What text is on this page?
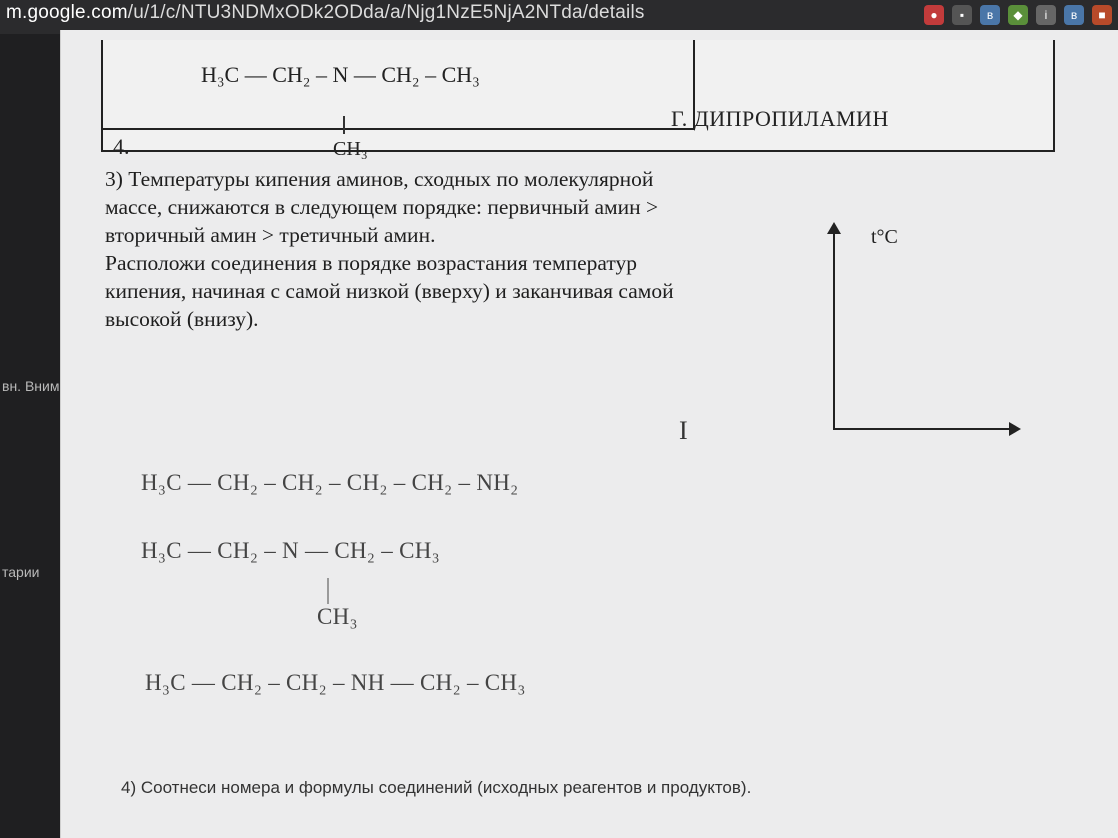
m.google.com/u/1/c/NTU3NDMxODk2ODda/a/Njg1NzE5NjA2NTda/details	●	▪	в	◆	i	в	■
вн. Вним
тарии
H₃C — CH₂ – N — CH₂ – CH₃
CH₃
4.
Г. ДИПРОПИЛАМИН
3) Температуры кипения аминов, сходных по молекулярной
массе, снижаются в следующем порядке: первичный амин >
вторичный амин > третичный амин.
Расположи соединения в порядке возрастания температур
кипения, начиная с самой низкой (вверху) и заканчивая самой
высокой (внизу).
t°C
I
H₃C — CH₂ – CH₂ – CH₂ – CH₂ – NH₂
H₃C — CH₂ – N — CH₂ – CH₃
CH₃
H₃C — CH₂ – CH₂ – NH — CH₂ – CH₃
4) Соотнеси номера и формулы соединений (исходных реагентов и продуктов).
